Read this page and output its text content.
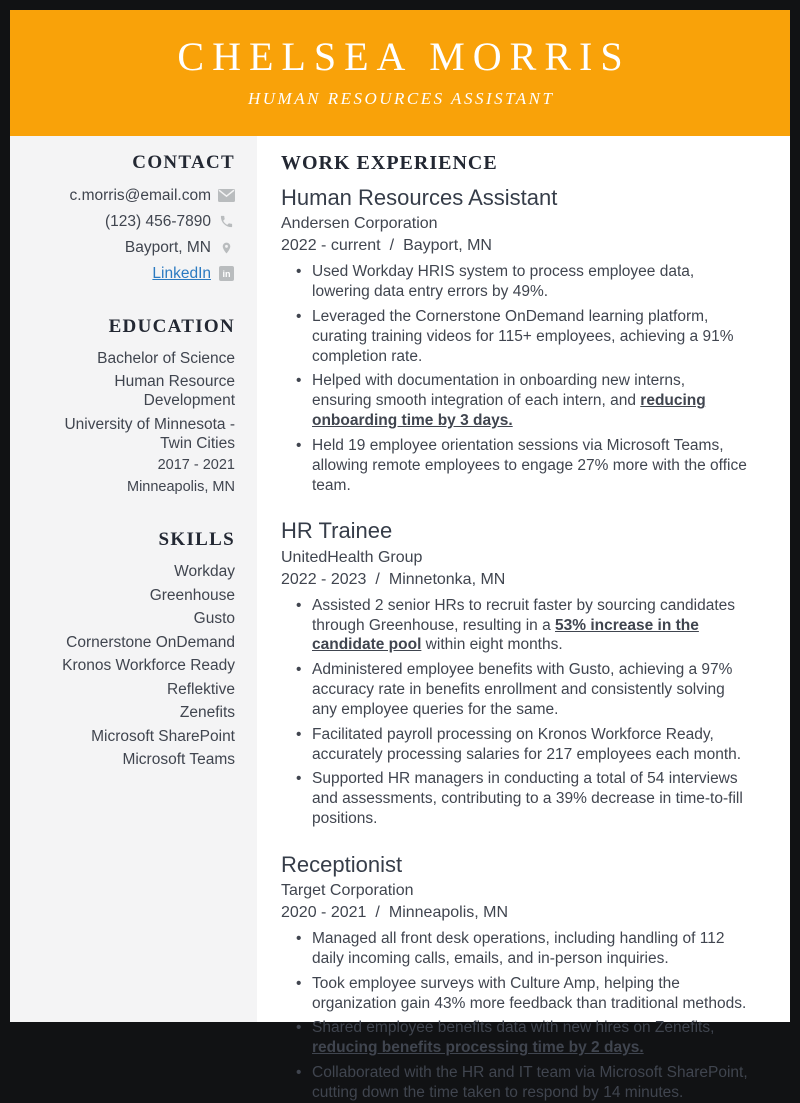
CHELSEA MORRIS
HUMAN RESOURCES ASSISTANT
CONTACT
c.morris@email.com
(123) 456-7890
Bayport, MN
LinkedIn in
EDUCATION
Bachelor of Science
Human Resource Development
University of Minnesota - Twin Cities
2017 - 2021
Minneapolis, MN
SKILLS
Workday
Greenhouse
Gusto
Cornerstone OnDemand
Kronos Workforce Ready
Reflektive
Zenefits
Microsoft SharePoint
Microsoft Teams
WORK EXPERIENCE
Human Resources Assistant
Andersen Corporation
2022 - current / Bayport, MN
• Used Workday HRIS system to process employee data, lowering data entry errors by 49%.
• Leveraged the Cornerstone OnDemand learning platform, curating training videos for 115+ employees, achieving a 91% completion rate.
• Helped with documentation in onboarding new interns, ensuring smooth integration of each intern, and reducing onboarding time by 3 days.
• Held 19 employee orientation sessions via Microsoft Teams, allowing remote employees to engage 27% more with the office team.
HR Trainee
UnitedHealth Group
2022 - 2023 / Minnetonka, MN
• Assisted 2 senior HRs to recruit faster by sourcing candidates through Greenhouse, resulting in a 53% increase in the candidate pool within eight months.
• Administered employee benefits with Gusto, achieving a 97% accuracy rate in benefits enrollment and consistently solving any employee queries for the same.
• Facilitated payroll processing on Kronos Workforce Ready, accurately processing salaries for 217 employees each month.
• Supported HR managers in conducting a total of 54 interviews and assessments, contributing to a 39% decrease in time-to-fill positions.
Receptionist
Target Corporation
2020 - 2021 / Minneapolis, MN
• Managed all front desk operations, including handling of 112 daily incoming calls, emails, and in-person inquiries.
• Took employee surveys with Culture Amp, helping the organization gain 43% more feedback than traditional methods.
• Shared employee benefits data with new hires on Zenefits, reducing benefits processing time by 2 days.
• Collaborated with the HR and IT team via Microsoft SharePoint, cutting down the time taken to respond by 14 minutes.
